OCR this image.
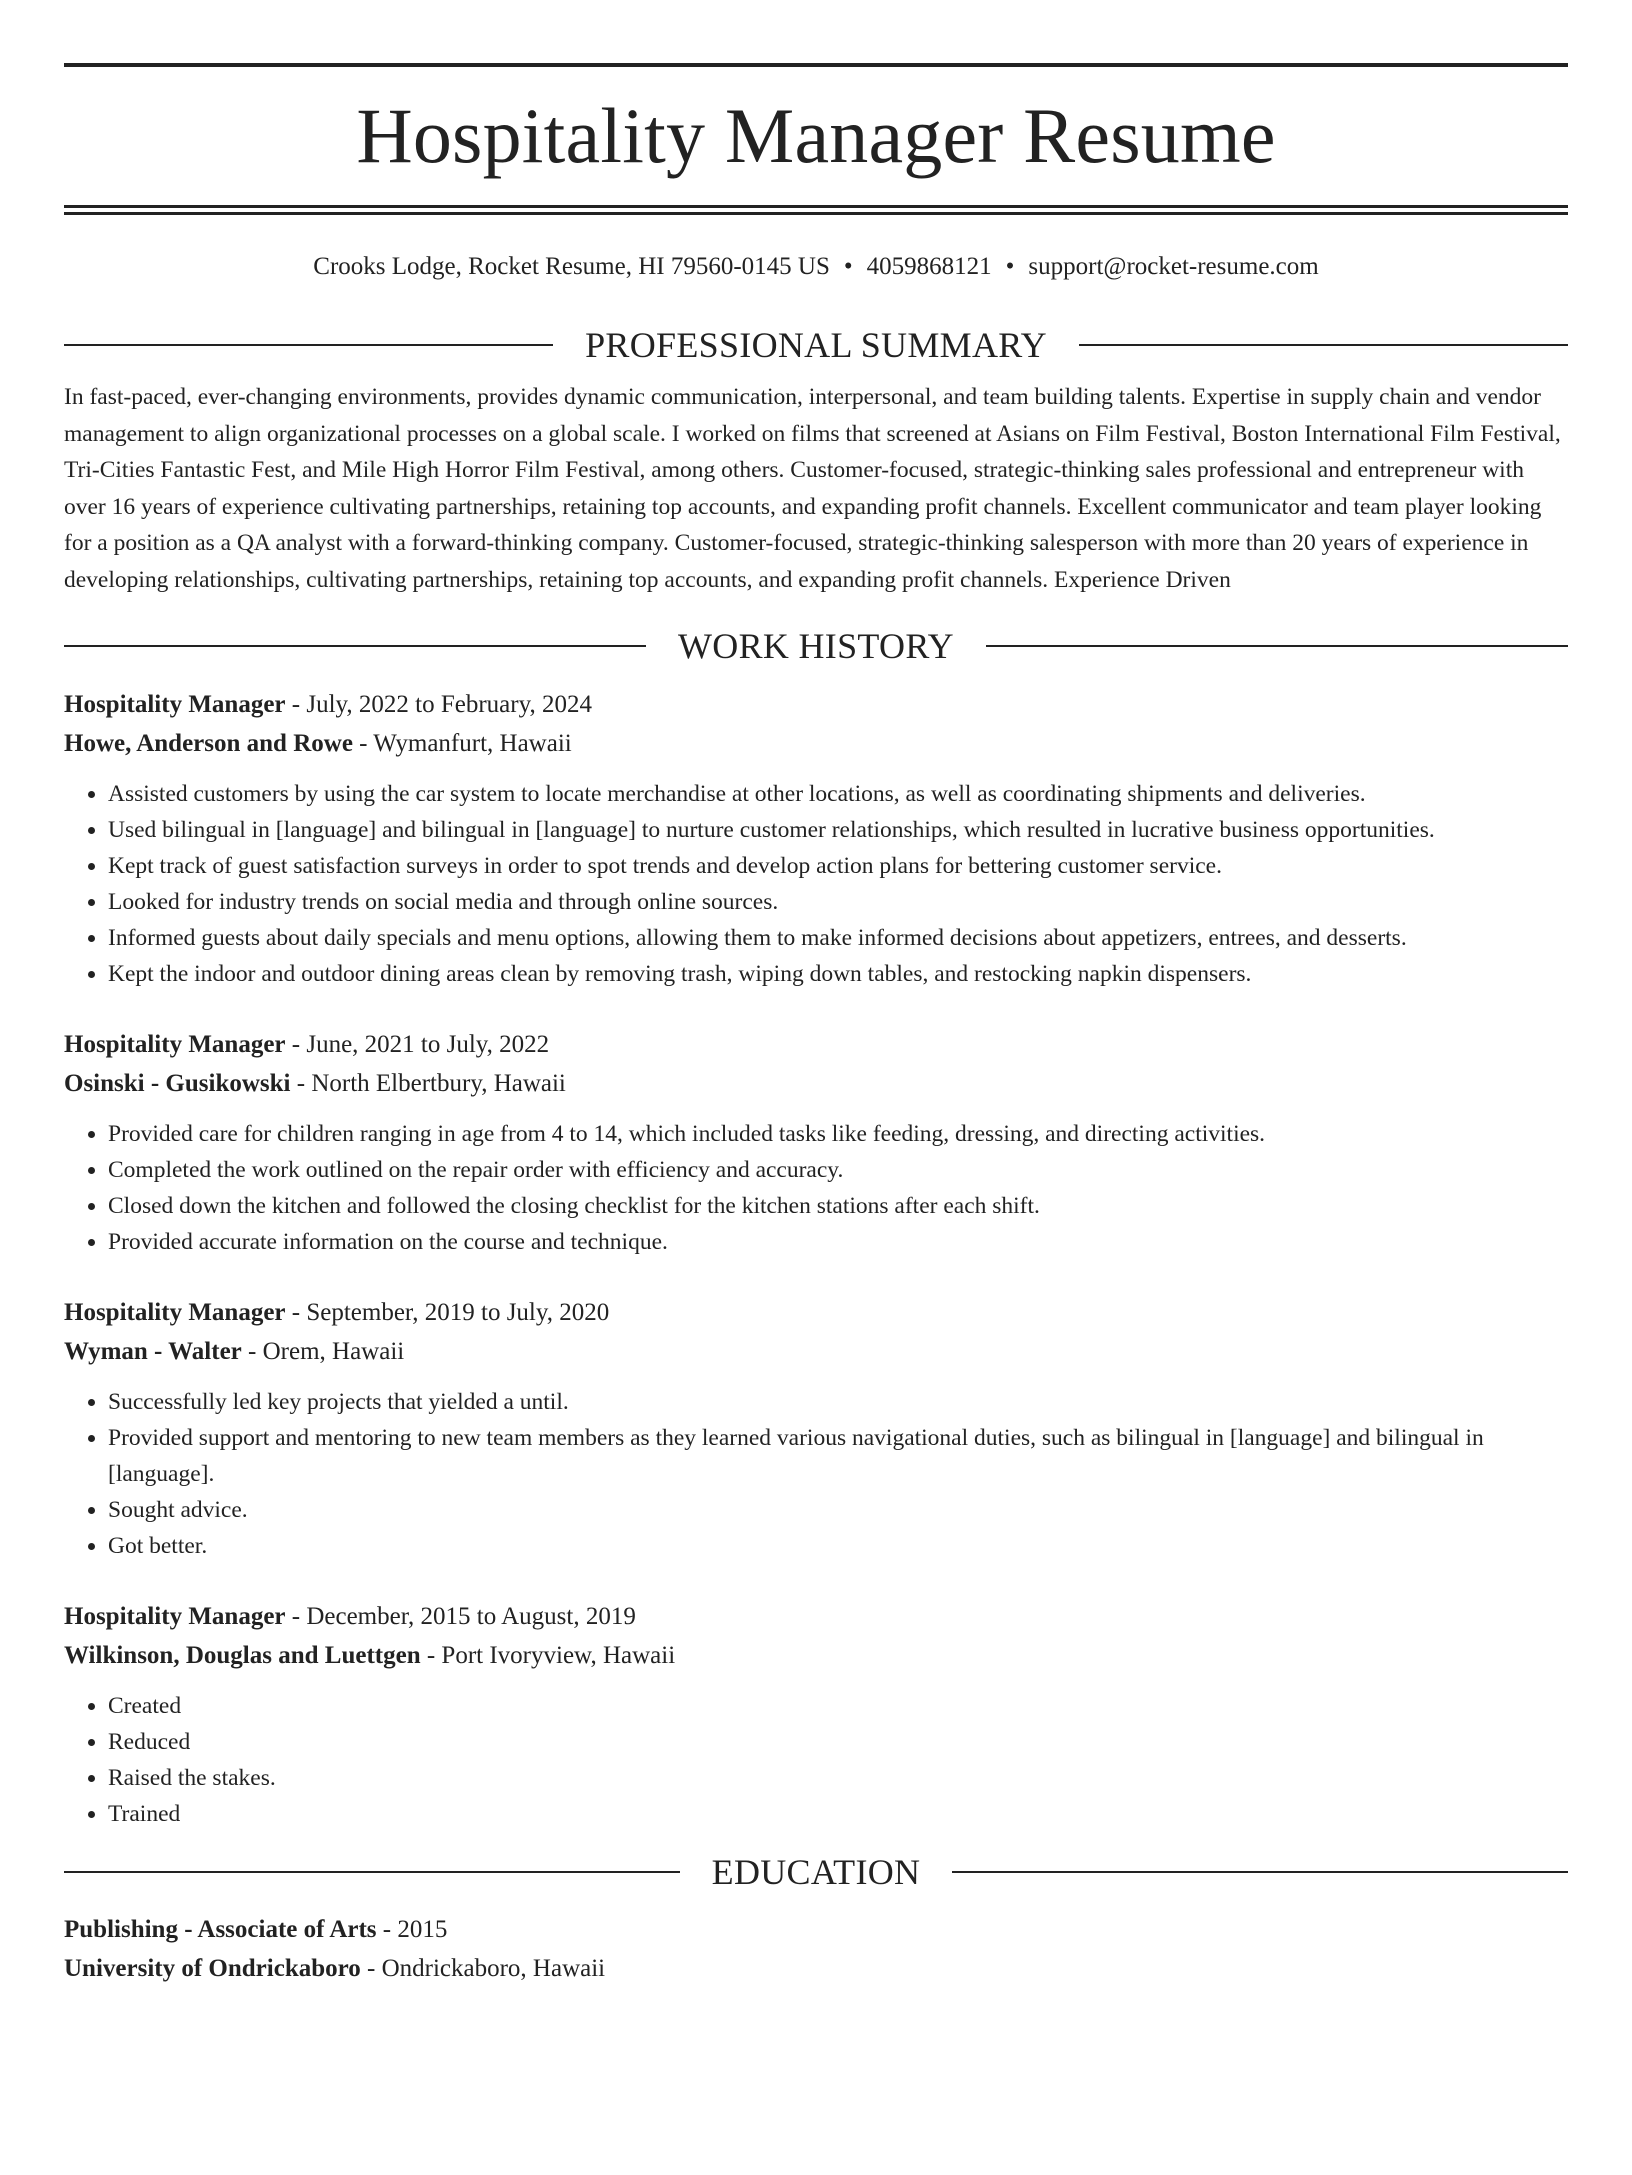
Hospitality Manager Resume
Crooks Lodge, Rocket Resume, HI 79560-0145 US • 4059868121 • support@rocket-resume.com
PROFESSIONAL SUMMARY

In fast-paced, ever-changing environments, provides dynamic communication, interpersonal, and team building talents. Expertise in supply chain and vendor management to align organizational processes on a global scale. I worked on films that screened at Asians on Film Festival, Boston International Film Festival, Tri-Cities Fantastic Fest, and Mile High Horror Film Festival, among others. Customer-focused, strategic-thinking sales professional and entrepreneur with over 16 years of experience cultivating partnerships, retaining top accounts, and expanding profit channels. Excellent communicator and team player looking for a position as a QA analyst with a forward-thinking company. Customer-focused, strategic-thinking salesperson with more than 20 years of experience in developing relationships, cultivating partnerships, retaining top accounts, and expanding profit channels. Experience Driven

WORK HISTORY
Hospitality Manager - July, 2022 to February, 2024
Howe, Anderson and Rowe - Wymanfurt, Hawaii
• Assisted customers by using the car system to locate merchandise at other locations, as well as coordinating shipments and deliveries.
• Used bilingual in [language] and bilingual in [language] to nurture customer relationships, which resulted in lucrative business opportunities.
• Kept track of guest satisfaction surveys in order to spot trends and develop action plans for bettering customer service.
• Looked for industry trends on social media and through online sources.
• Informed guests about daily specials and menu options, allowing them to make informed decisions about appetizers, entrees, and desserts.
• Kept the indoor and outdoor dining areas clean by removing trash, wiping down tables, and restocking napkin dispensers.
Hospitality Manager - June, 2021 to July, 2022
Osinski - Gusikowski - North Elbertbury, Hawaii
• Provided care for children ranging in age from 4 to 14, which included tasks like feeding, dressing, and directing activities.
• Completed the work outlined on the repair order with efficiency and accuracy.
• Closed down the kitchen and followed the closing checklist for the kitchen stations after each shift.
• Provided accurate information on the course and technique.
Hospitality Manager - September, 2019 to July, 2020
Wyman - Walter - Orem, Hawaii
• Successfully led key projects that yielded a until.
• Provided support and mentoring to new team members as they learned various navigational duties, such as bilingual in [language] and bilingual in [language].
• Sought advice.
• Got better.
Hospitality Manager - December, 2015 to August, 2019
Wilkinson, Douglas and Luettgen - Port Ivoryview, Hawaii
• Created
• Reduced
• Raised the stakes.
• Trained
EDUCATION
Publishing - Associate of Arts - 2015
University of Ondrickaboro - Ondrickaboro, Hawaii
